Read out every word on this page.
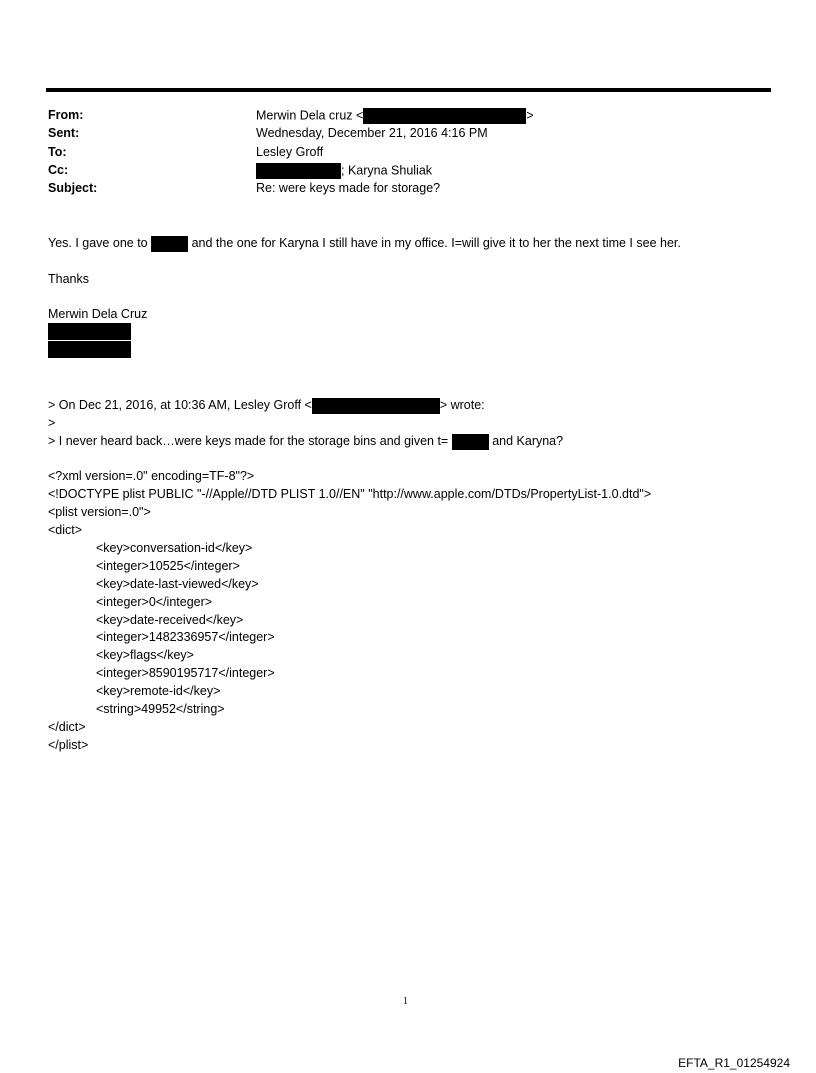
From:	Merwin Dela cruz <	>
Sent:	Wednesday, December 21, 2016 4:16 PM
To:	Lesley Groff
Cc:	; Karyna Shuliak
Subject:	Re: were keys made for storage?
Yes. I gave one to	and the one for Karyna I still have in my office. I=will give it to her the next time I see her.
Thanks
Merwin Dela Cruz
> On Dec 21, 2016, at 10:36 AM, Lesley Groff <	> wrote:
>
> I never heard back…were keys made for the storage bins and given t=	and Karyna?
<?xml version=.0" encoding=TF-8"?>
<!DOCTYPE plist PUBLIC "-//Apple//DTD PLIST 1.0//EN" "http://www.apple.com/DTDs/PropertyList-1.0.dtd">
<plist version=.0">
<dict>
<key>conversation-id</key>
<integer>10525</integer>
<key>date-last-viewed</key>
<integer>0</integer>
<key>date-received</key>
<integer>1482336957</integer>
<key>flags</key>
<integer>8590195717</integer>
<key>remote-id</key>
<string>49952</string>
</dict>
</plist>
1
EFTA_R1_01254924
